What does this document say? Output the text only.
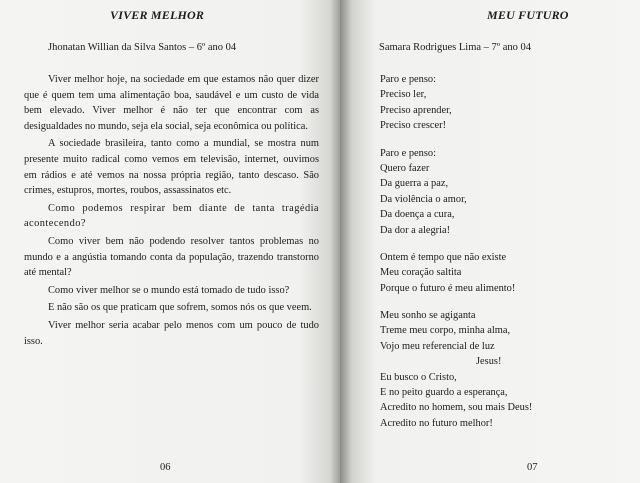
VIVER MELHOR
Jhonatan Willian da Silva Santos – 6º ano 04

Viver melhor hoje, na sociedade em que estamos não quer dizer que é quem tem uma alimentação boa, saudável e um custo de vida bem elevado. Viver melhor é não ter que encontrar com as desigualdades no mundo, seja ela social, seja econômica ou política.

A sociedade brasileira, tanto como a mundial, se mostra num presente muito radical como vemos em televisão, internet, ouvimos em rádios e até vemos na nossa própria região, tanto descaso. São crimes, estupros, mortes, roubos, assassinatos etc.

Como podemos respirar bem diante de tanta tragédia acontecendo?

Como viver bem não podendo resolver tantos problemas no mundo e a angústia tomando conta da população, trazendo transtorno até mental?

Como viver melhor se o mundo está tomado de tudo isso?

E não são os que praticam que sofrem, somos nós os que veem.

Viver melhor seria acabar pelo menos com um pouco de tudo isso.

06
MEU FUTURO
Samara Rodrigues Lima – 7º ano 04
Paro e penso:
Preciso ler,
Preciso aprender,
Preciso crescer!
Paro e penso:
Quero fazer
Da guerra a paz,
Da violência o amor,
Da doença a cura,
Da dor a alegria!
Ontem é tempo que não existe
Meu coração saltita
Porque o futuro é meu alimento!
Meu sonho se agiganta
Treme meu corpo, minha alma,
Vojo meu referencial de luz
Jesus!
Eu busco o Cristo,
E no peito guardo a esperança,
Acredito no homem, sou mais Deus!
Acredito no futuro melhor!
07
